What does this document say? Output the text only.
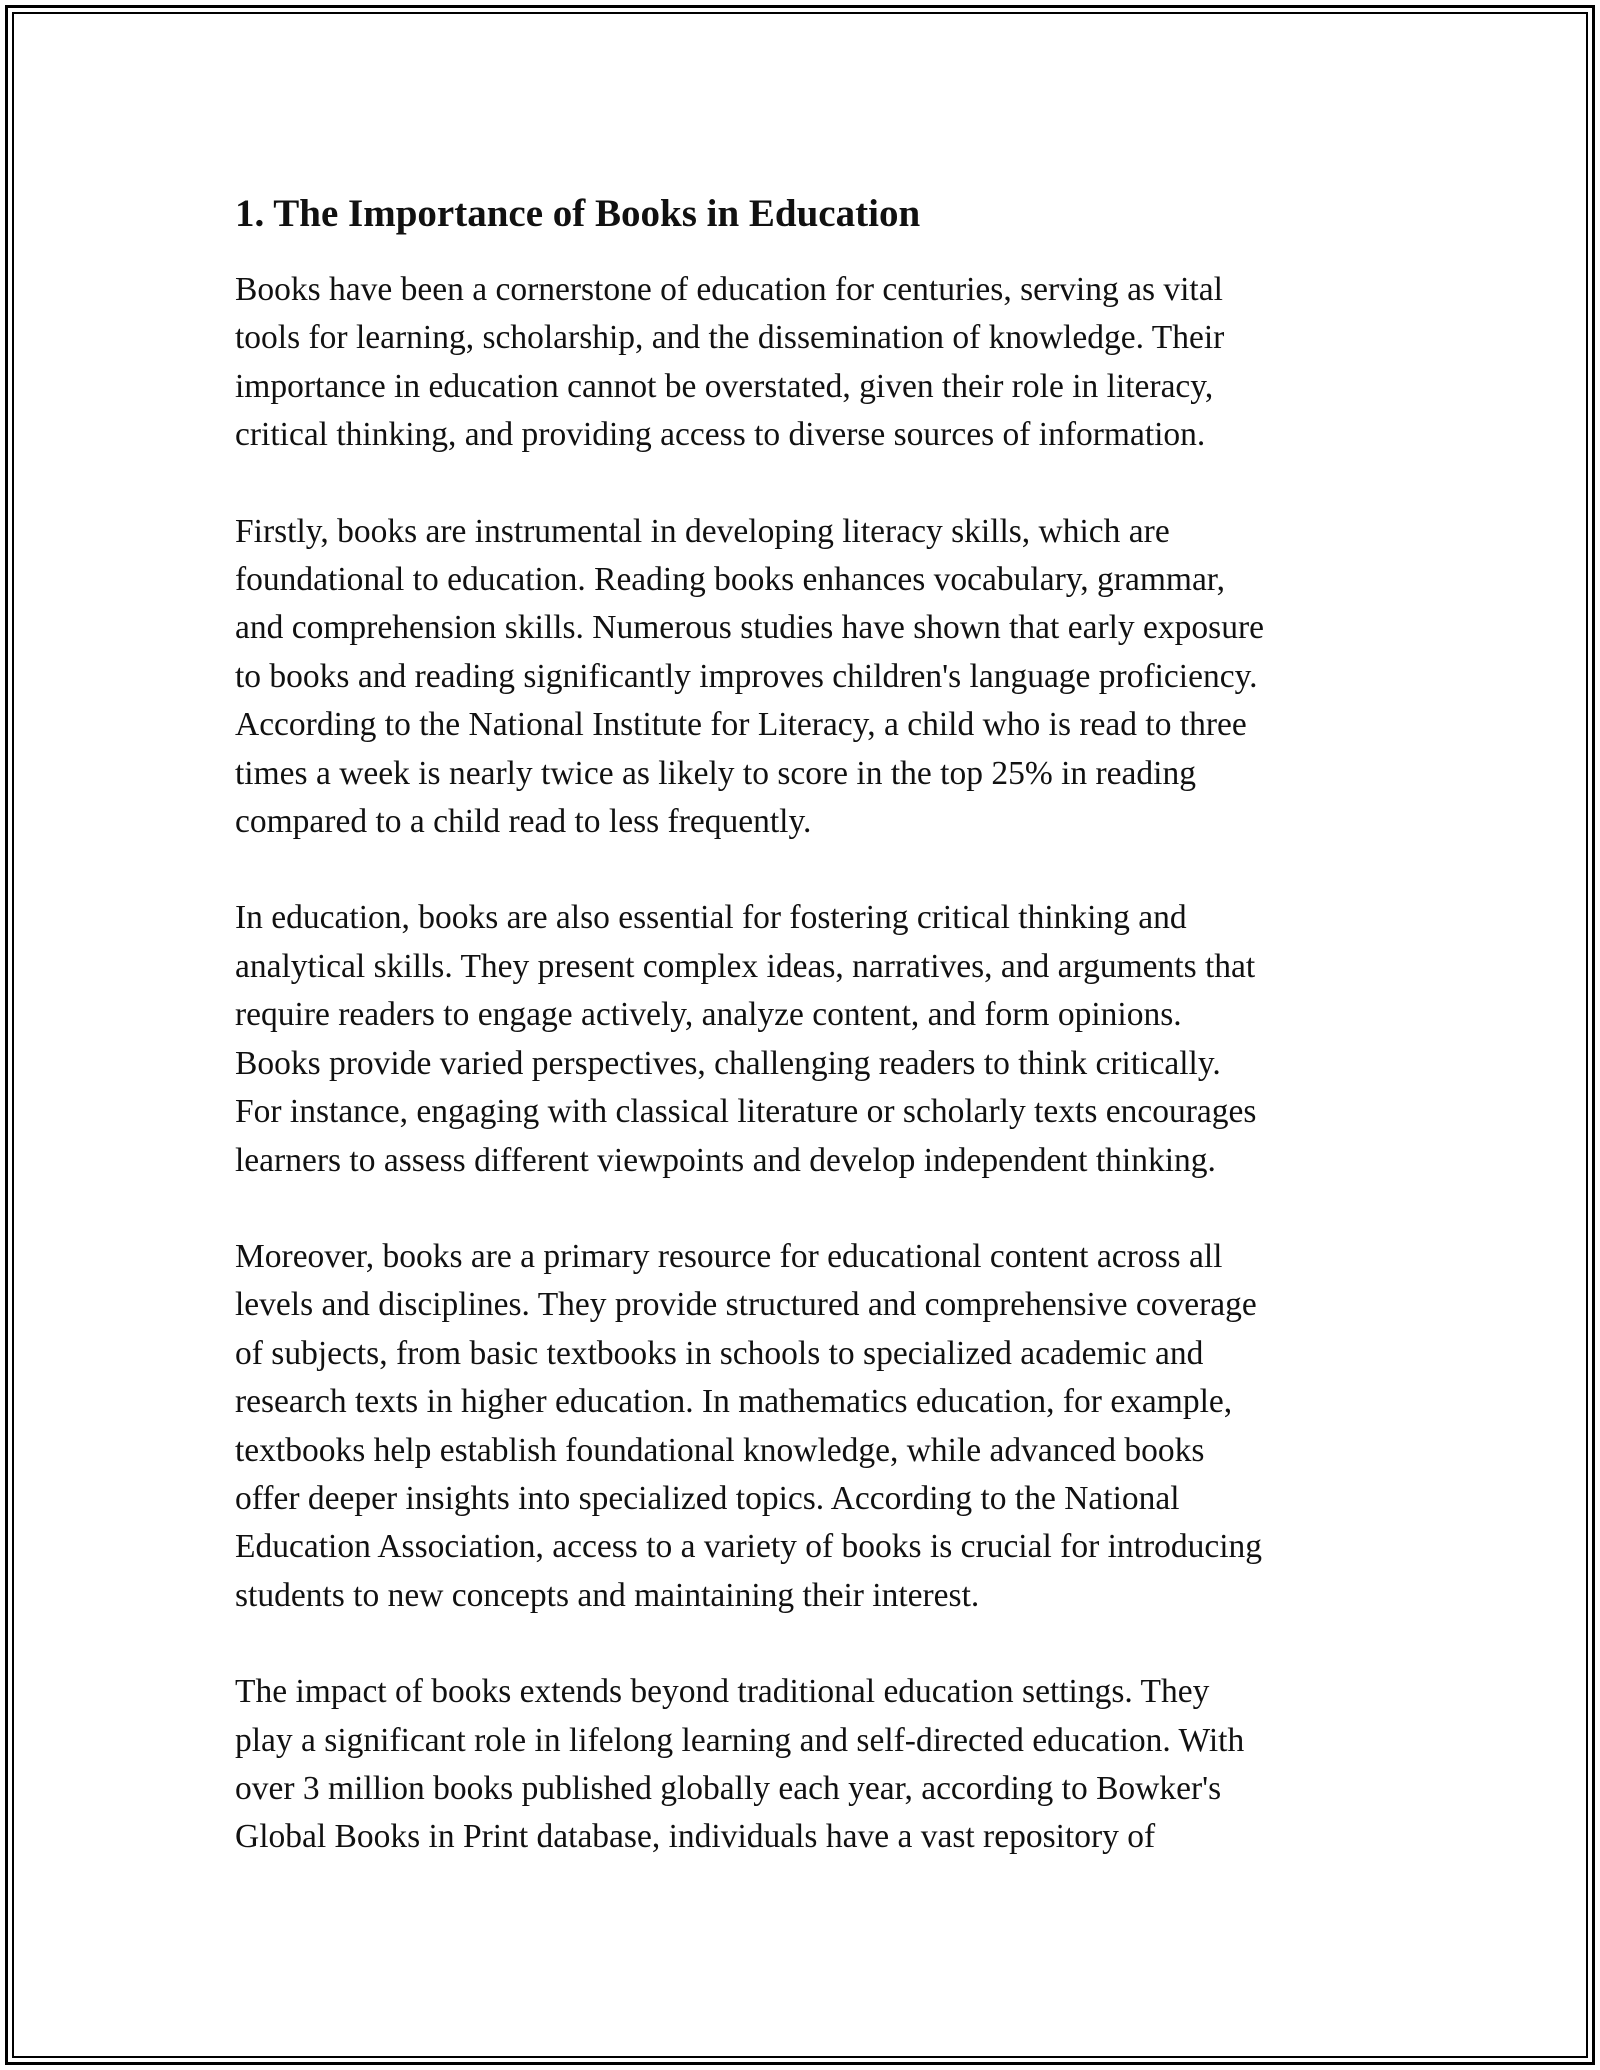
1. The Importance of Books in Education

Books have been a cornerstone of education for centuries, serving as vital
tools for learning, scholarship, and the dissemination of knowledge. Their
importance in education cannot be overstated, given their role in literacy,
critical thinking, and providing access to diverse sources of information.

Firstly, books are instrumental in developing literacy skills, which are
foundational to education. Reading books enhances vocabulary, grammar,
and comprehension skills. Numerous studies have shown that early exposure
to books and reading significantly improves children's language proficiency.
According to the National Institute for Literacy, a child who is read to three
times a week is nearly twice as likely to score in the top 25% in reading
compared to a child read to less frequently.

In education, books are also essential for fostering critical thinking and
analytical skills. They present complex ideas, narratives, and arguments that
require readers to engage actively, analyze content, and form opinions.
Books provide varied perspectives, challenging readers to think critically.
For instance, engaging with classical literature or scholarly texts encourages
learners to assess different viewpoints and develop independent thinking.

Moreover, books are a primary resource for educational content across all
levels and disciplines. They provide structured and comprehensive coverage
of subjects, from basic textbooks in schools to specialized academic and
research texts in higher education. In mathematics education, for example,
textbooks help establish foundational knowledge, while advanced books
offer deeper insights into specialized topics. According to the National
Education Association, access to a variety of books is crucial for introducing
students to new concepts and maintaining their interest.

The impact of books extends beyond traditional education settings. They
play a significant role in lifelong learning and self-directed education. With
over 3 million books published globally each year, according to Bowker's
Global Books in Print database, individuals have a vast repository of
